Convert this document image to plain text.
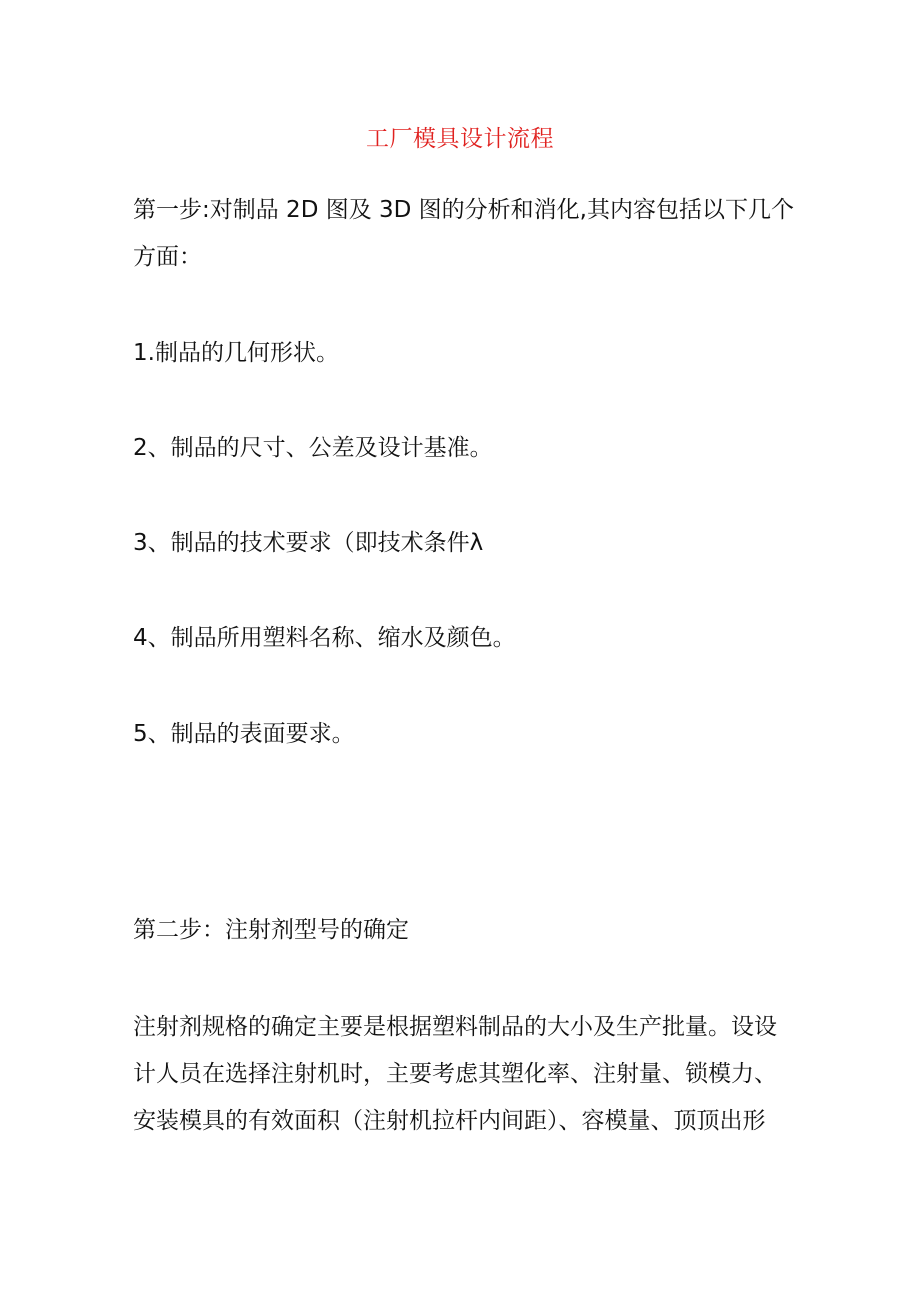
工厂模具设计流程
第一步:对制品 2D 图及 3D 图的分析和消化,其内容包括以下几个
方面：
1.制品的几何形状。
2、制品的尺寸、公差及设计基准。
3、制品的技术要求（即技术条件λ
4、制品所用塑料名称、缩水及颜色。
5、制品的表面要求。
第二步：注射剂型号的确定
注射剂规格的确定主要是根据塑料制品的大小及生产批量。设设
计人员在选择注射机时，主要考虑其塑化率、注射量、锁模力、
安装模具的有效面积（注射机拉杆内间距）、容模量、顶顶出形
